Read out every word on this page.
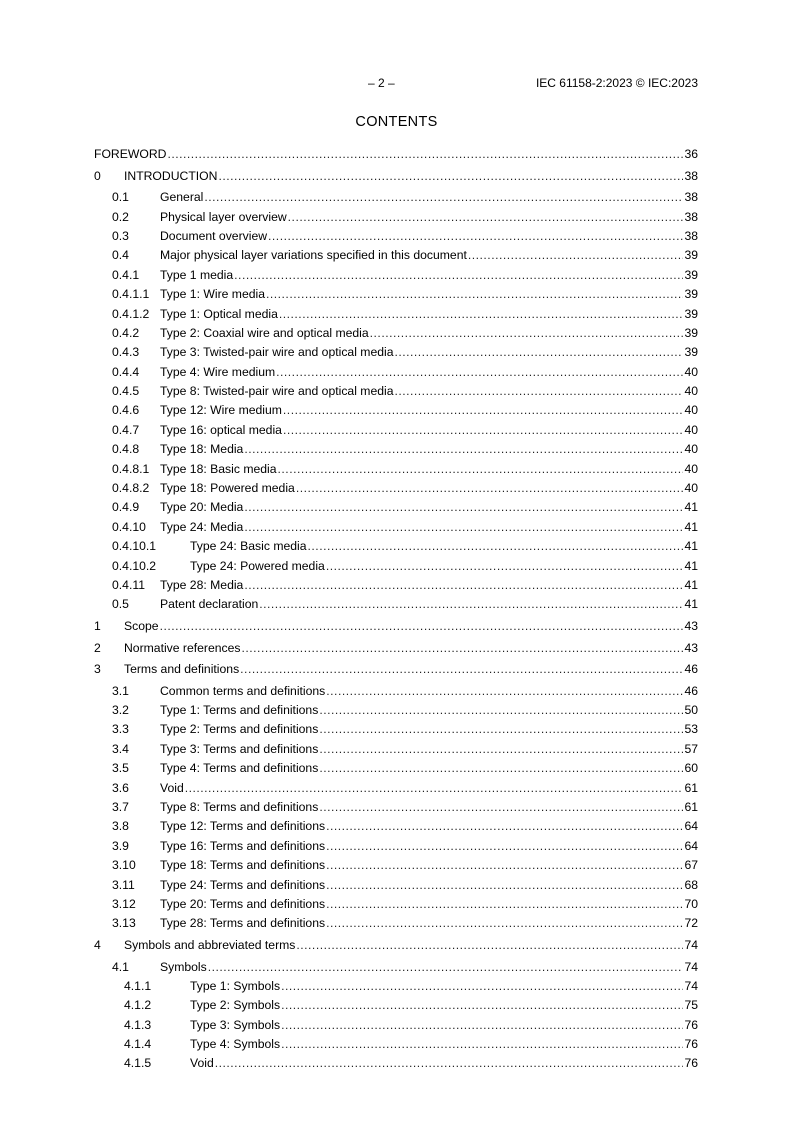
– 2 –	IEC 61158-2:2023 © IEC:2023
CONTENTS
FOREWORD .....	36
0	INTRODUCTION .....	38
0.1	General .....	38
0.2	Physical layer overview .....	38
0.3	Document overview .....	38
0.4	Major physical layer variations specified in this document .....	39
0.4.1	Type 1 media .....	39
0.4.1.1 Type 1: Wire media .....	39
0.4.1.2 Type 1: Optical media .....	39
0.4.2	Type 2: Coaxial wire and optical media .....	39
0.4.3	Type 3: Twisted-pair wire and optical media .....	39
0.4.4	Type 4: Wire medium .....	40
0.4.5	Type 8: Twisted-pair wire and optical media .....	40
0.4.6	Type 12: Wire medium .....	40
0.4.7	Type 16: optical media .....	40
0.4.8	Type 18: Media .....	40
0.4.8.1 Type 18: Basic media .....	40
0.4.8.2 Type 18: Powered media .....	40
0.4.9	Type 20: Media .....	41
0.4.10	Type 24: Media .....	41
0.4.10.1	Type 24: Basic media .....	41
0.4.10.2	Type 24: Powered media .....	41
0.4.11	Type 28: Media .....	41
0.5	Patent declaration .....	41
1	Scope .....	43
2	Normative references .....	43
3	Terms and definitions .....	46
3.1	Common terms and definitions .....	46
3.2	Type 1: Terms and definitions .....	50
3.3	Type 2: Terms and definitions .....	53
3.4	Type 3: Terms and definitions .....	57
3.5	Type 4: Terms and definitions .....	60
3.6	Void .....	61
3.7	Type 8: Terms and definitions .....	61
3.8	Type 12: Terms and definitions .....	64
3.9	Type 16: Terms and definitions .....	64
3.10	Type 18: Terms and definitions .....	67
3.11	Type 24: Terms and definitions .....	68
3.12	Type 20: Terms and definitions .....	70
3.13	Type 28: Terms and definitions .....	72
4	Symbols and abbreviated terms .....	74
4.1	Symbols .....	74
4.1.1	Type 1: Symbols .....	74
4.1.2	Type 2: Symbols .....	75
4.1.3	Type 3: Symbols .....	76
4.1.4	Type 4: Symbols .....	76
4.1.5	Void .....	76
